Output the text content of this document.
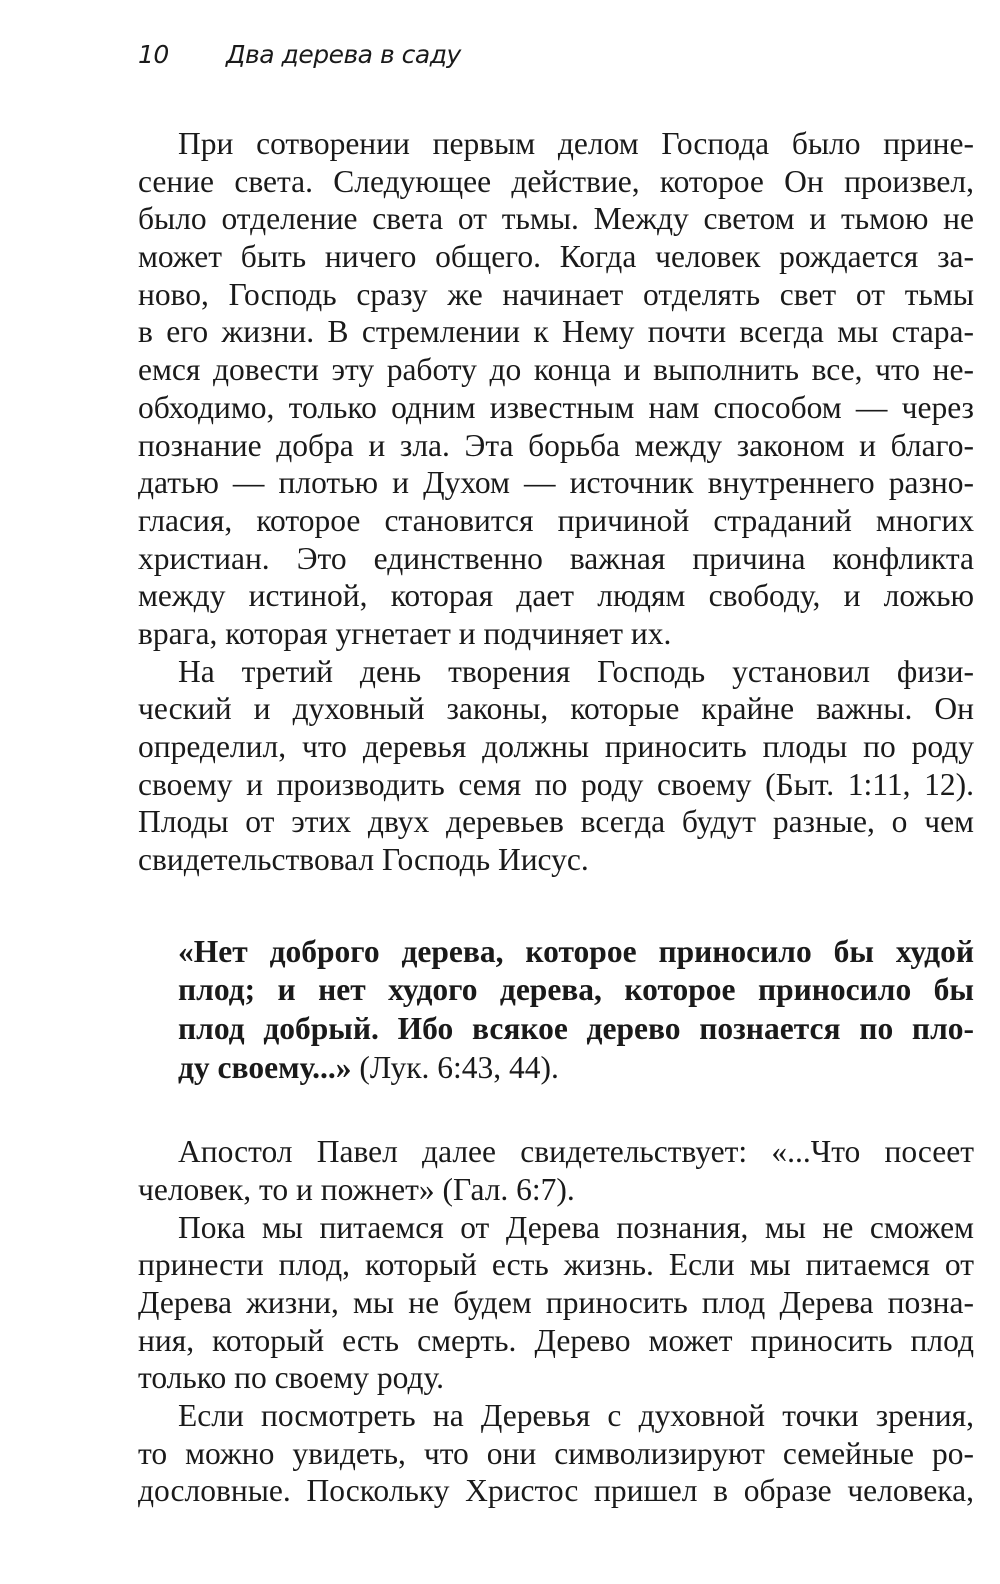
10 Два дерева в саду
При сотворении первым делом Господа было прине-
сение света. Следующее действие, которое Он произвел,
было отделение света от тьмы. Между светом и тьмою не
может быть ничего общего. Когда человек рождается за-
ново, Господь сразу же начинает отделять свет от тьмы
в его жизни. В стремлении к Нему почти всегда мы стара-
емся довести эту работу до конца и выполнить все, что не-
обходимо, только одним известным нам способом — через
познание добра и зла. Эта борьба между законом и благо-
датью — плотью и Духом — источник внутреннего разно-
гласия, которое становится причиной страданий многих
христиан. Это единственно важная причина конфликта
между истиной, которая дает людям свободу, и ложью
врага, которая угнетает и подчиняет их.
На третий день творения Господь установил физи-
ческий и духовный законы, которые крайне важны. Он
определил, что деревья должны приносить плоды по роду
своему и производить семя по роду своему (Быт. 1:11, 12).
Плоды от этих двух деревьев всегда будут разные, о чем
свидетельствовал Господь Иисус.
«Нет доброго дерева, которое приносило бы худой
плод; и нет худого дерева, которое приносило бы
плод добрый. Ибо всякое дерево познается по пло-
ду своему...» (Лук. 6:43, 44).
Апостол Павел далее свидетельствует: «...Что посеет
человек, то и пожнет» (Гал. 6:7).
Пока мы питаемся от Дерева познания, мы не сможем
принести плод, который есть жизнь. Если мы питаемся от
Дерева жизни, мы не будем приносить плод Дерева позна-
ния, который есть смерть. Дерево может приносить плод
только по своему роду.
Если посмотреть на Деревья с духовной точки зрения,
то можно увидеть, что они символизируют семейные ро-
дословные. Поскольку Христос пришел в образе человека,
